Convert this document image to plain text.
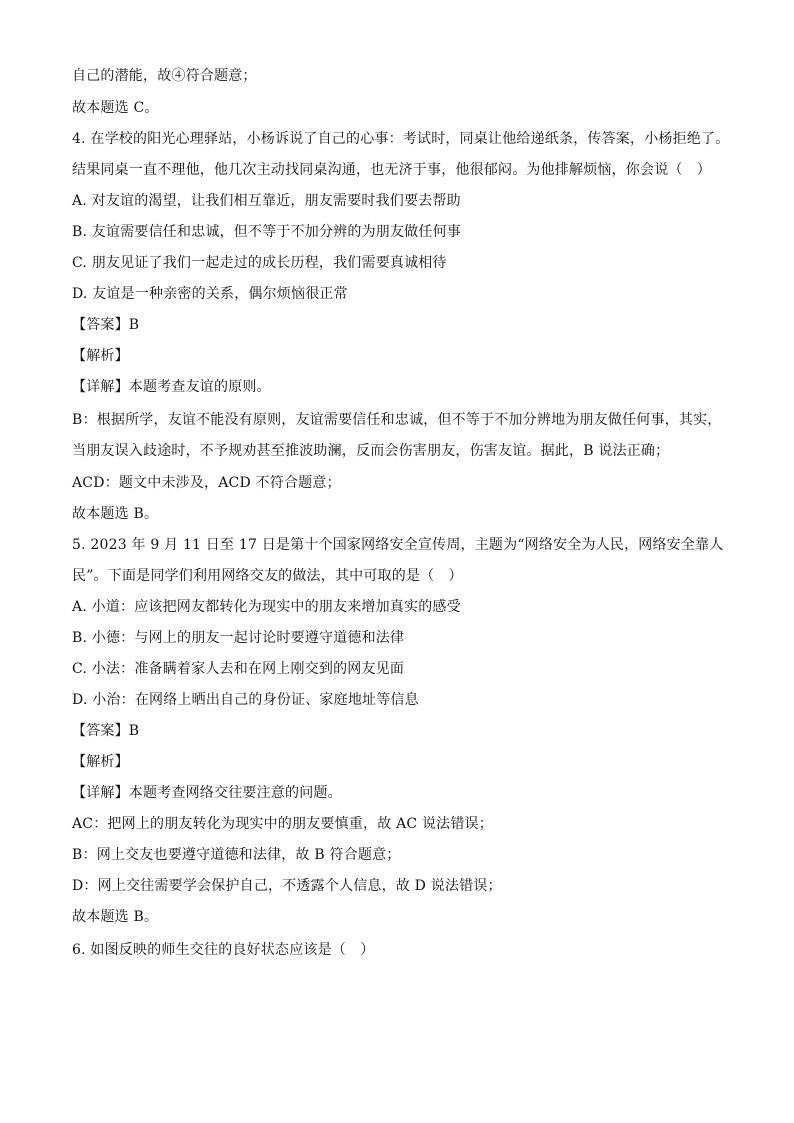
自己的潜能，故④符合题意；
故本题选 C。
4. 在学校的阳光心理驿站，小杨诉说了自己的心事：考试时，同桌让他给递纸条，传答案，小杨拒绝了。
结果同桌一直不理他，他几次主动找同桌沟通，也无济于事，他很郁闷。为他排解烦恼，你会说（　）
A. 对友谊的渴望，让我们相互靠近，朋友需要时我们要去帮助
B. 友谊需要信任和忠诚，但不等于不加分辨的为朋友做任何事
C. 朋友见证了我们一起走过的成长历程，我们需要真诚相待
D. 友谊是一种亲密的关系，偶尔烦恼很正常
【答案】B
【解析】
【详解】本题考查友谊的原则。
B：根据所学，友谊不能没有原则，友谊需要信任和忠诚，但不等于不加分辨地为朋友做任何事，其实，
当朋友误入歧途时，不予规劝甚至推波助澜，反而会伤害朋友，伤害友谊。据此，B 说法正确；
ACD：题文中未涉及，ACD 不符合题意；
故本题选 B。
5. 2023 年 9 月 11 日至 17 日是第十个国家网络安全宣传周，主题为“网络安全为人民，网络安全靠人
民”。下面是同学们利用网络交友的做法，其中可取的是（　）
A. 小道：应该把网友都转化为现实中的朋友来增加真实的感受
B. 小德：与网上的朋友一起讨论时要遵守道德和法律
C. 小法：准备瞒着家人去和在网上刚交到的网友见面
D. 小治：在网络上晒出自己的身份证、家庭地址等信息
【答案】B
【解析】
【详解】本题考查网络交往要注意的问题。
AC：把网上的朋友转化为现实中的朋友要慎重，故 AC 说法错误；
B：网上交友也要遵守道德和法律，故 B 符合题意；
D：网上交往需要学会保护自己，不透露个人信息，故 D 说法错误；
故本题选 B。
6. 如图反映的师生交往的良好状态应该是（　）
